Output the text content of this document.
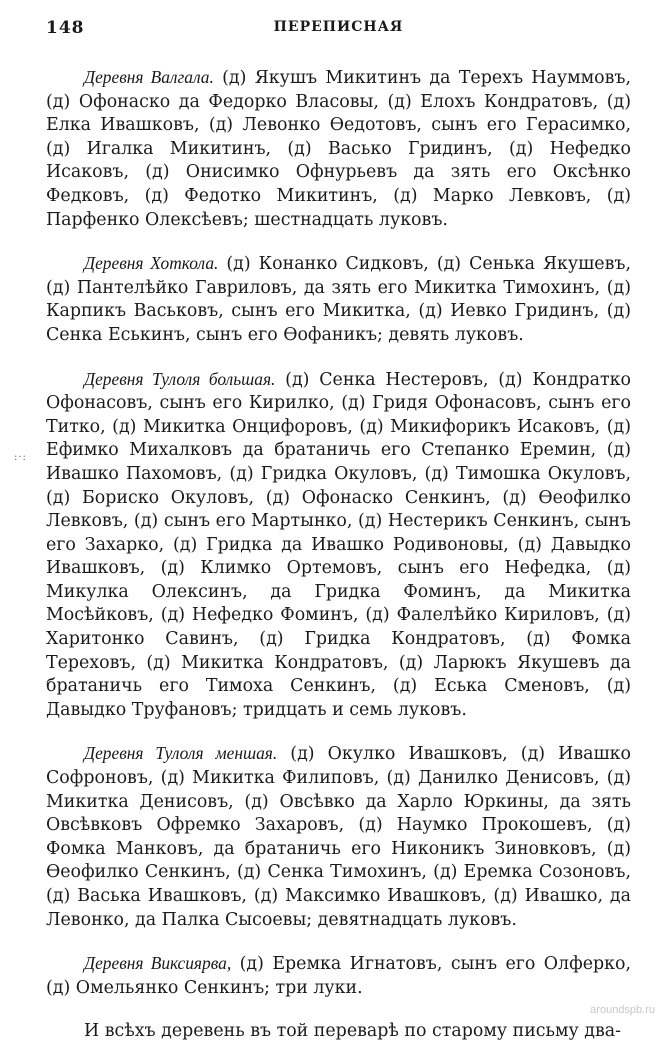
148	ПЕРЕПИСНАЯ

Деревня Валгала. (д) Якушъ Микитинъ да Терехъ Науммовъ, (д) Офонаско да Федорко Власовы, (д) Елохъ Кондратовъ, (д) Елка Ивашковъ, (д) Левонко Ѳедотовъ, сынъ его Герасимко, (д) Игалка Микитинъ, (д) Васько Гридинъ, (д) Нефедко Исаковъ, (д) Онисимко Офнурьевъ да зять его Оксѣнко Федковъ, (д) Федотко Микитинъ, (д) Марко Левковъ, (д) Парфенко Олексѣевъ; шестнадцать луковъ.

Деревня Хоткола. (д) Конанко Сидковъ, (д) Сенька Якушевъ, (д) Пантелѣйко Гавриловъ, да зять его Микитка Тимохинъ, (д) Карпикъ Васьковъ, сынъ его Микитка, (д) Иевко Гридинъ, (д) Сенка Еськинъ, сынъ его Ѳофаникъ; девять луковъ.

Деревня Тулоля большая. (д) Сенка Нестеровъ, (д) Кондратко Офонасовъ, сынъ его Кирилко, (д) Гридя Офонасовъ, сынъ его Титко, (д) Микитка Онцифоровъ, (д) Микифорикъ Исаковъ, (д) Ефимко Михалковъ да братаничь его Степанко Еремин, (д) Ивашко Пахомовъ, (д) Гридка Окуловъ, (д) Тимошка Окуловъ, (д) Бориско Окуловъ, (д) Офонаско Сенкинъ, (д) Ѳеофилко Левковъ, (д) сынъ его Мартынко, (д) Нестерикъ Сенкинъ, сынъ его Захарко, (д) Гридка да Ивашко Родивоновы, (д) Давыдко Ивашковъ, (д) Климко Ортемовъ, сынъ его Нефедка, (д) Микулка Олексинъ, да Гридка Фоминъ, да Микитка Мосѣйковъ, (д) Нефедко Фоминъ, (д) Фалелѣйко Кириловъ, (д) Харитонко Савинъ, (д) Гридка Кондратовъ, (д) Фомка Тереховъ, (д) Микитка Кондратовъ, (д) Ларюкъ Якушевъ да братаничь его Тимоха Сенкинъ, (д) Еська Сменовъ, (д) Давыдко Труфановъ; тридцать и семь луковъ.

Деревня Тулоля меншая. (д) Окулко Ивашковъ, (д) Ивашко Софроновъ, (д) Микитка Филиповъ, (д) Данилко Денисовъ, (д) Микитка Денисовъ, (д) Овсѣвко да Харло Юркины, да зять Овсѣвковъ Офремко Захаровъ, (д) Наумко Прокошевъ, (д) Фомка Манковъ, да братаничь его Никоникъ Зиновковъ, (д) Ѳеофилко Сенкинъ, (д) Сенка Тимохинъ, (д) Еремка Созоновъ, (д) Васька Ивашковъ, (д) Максимко Ивашковъ, (д) Ивашко, да Левонко, да Палка Сысоевы; девятнадцать луковъ.

Деревня Виксиярва, (д) Еремка Игнатовъ, сынъ его Олферко, (д) Омельянко Сенкинъ; три луки.

И всѣхъ деревень въ той переварѣ по старому письму два-

:·:
aroundspb.ru
